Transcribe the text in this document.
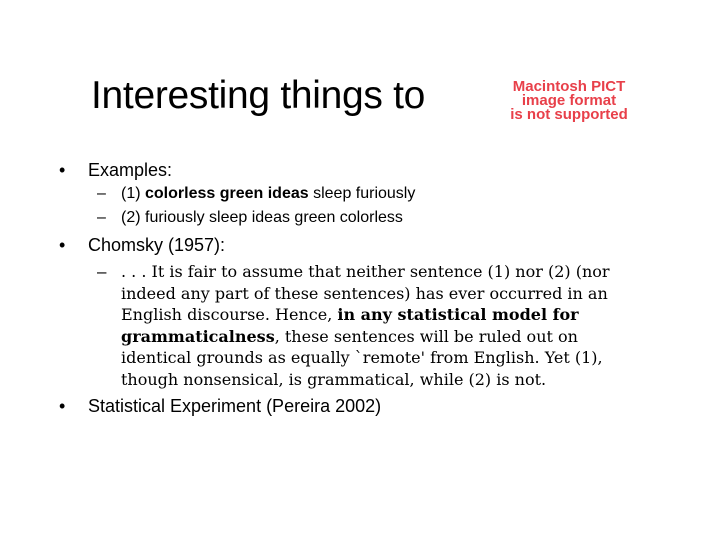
Interesting things to	Macintosh PICT
image format
is not supported
• Examples:
– (1) colorless green ideas sleep furiously
– (2) furiously sleep ideas green colorless
• Chomsky (1957):
– . . . It is fair to assume that neither sentence (1) nor (2) (nor
indeed any part of these sentences) has ever occurred in an
English discourse. Hence, in any statistical model for
grammaticalness, these sentences will be ruled out on
identical grounds as equally `remote' from English. Yet (1),
though nonsensical, is grammatical, while (2) is not.
• Statistical Experiment (Pereira 2002)
